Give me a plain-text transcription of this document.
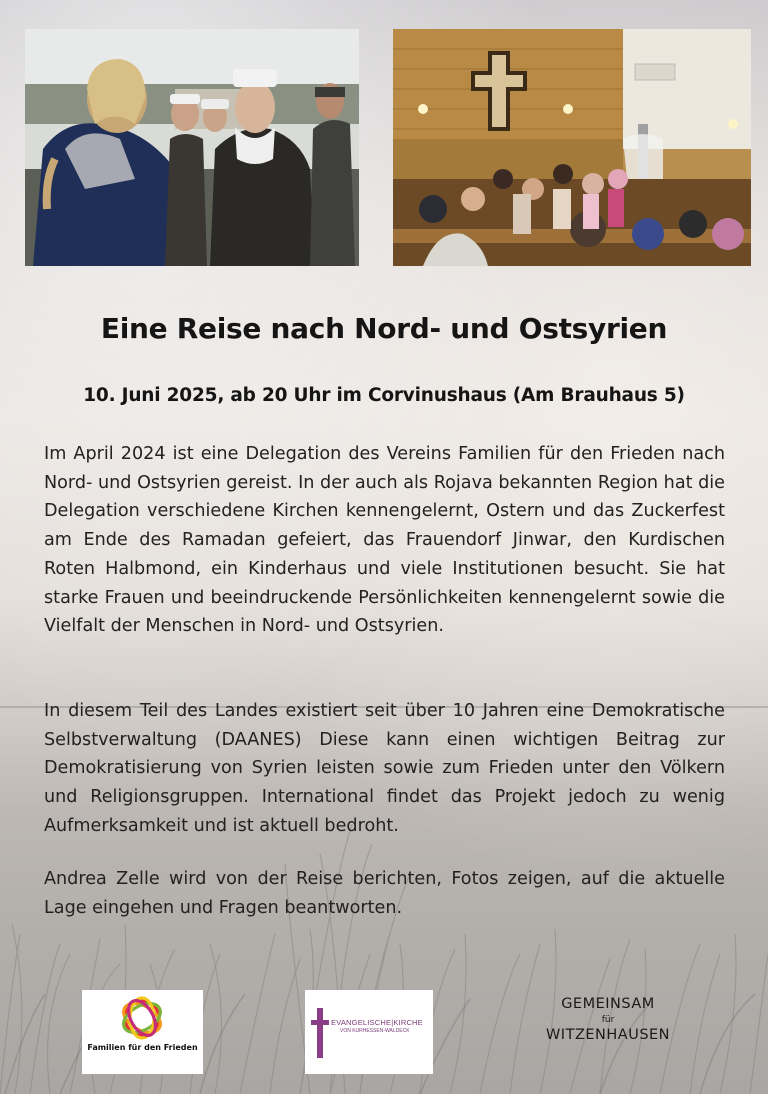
Eine Reise nach Nord- und Ostsyrien
10. Juni 2025, ab 20 Uhr im Corvinushaus (Am Brauhaus 5)

Im April 2024 ist eine Delegation des Vereins Familien für den Frieden nach Nord- und Ostsyrien gereist. In der auch als Rojava bekannten Region hat die Delegation verschiedene Kirchen kennengelernt, Ostern und das Zuckerfest am Ende des Ramadan gefeiert, das Frauendorf Jinwar, den Kurdischen Roten Halbmond, ein Kinderhaus und viele Institutionen besucht. Sie hat starke Frauen und beeindruckende Persönlichkeiten kennengelernt sowie die Vielfalt der Menschen in Nord- und Ostsyrien.

In diesem Teil des Landes existiert seit über 10 Jahren eine Demokratische Selbstverwaltung (DAANES) Diese kann einen wichtigen Beitrag zur Demokratisierung von Syrien leisten sowie zum Frieden unter den Völkern und Religionsgruppen. International findet das Projekt jedoch zu wenig Aufmerksamkeit und ist aktuell bedroht.

Andrea Zelle wird von der Reise berichten, Fotos zeigen, auf die aktuelle Lage eingehen und Fragen beantworten.

Familien für den Frieden
EVANGELISCHE|KIRCHE
VON KURHESSEN-WALDECK
GEMEINSAM
für
WITZENHAUSEN
